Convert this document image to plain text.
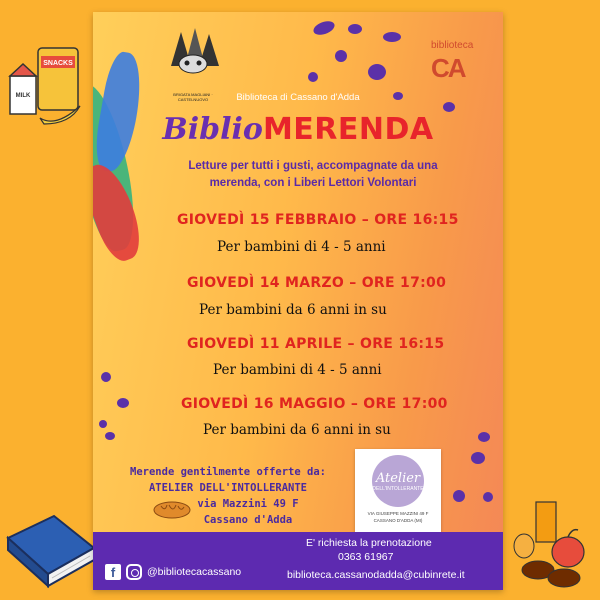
SNACKS
MILK	BRIGATA MAGLIANI · CASTELNUOVO
biblioteca
CA
Biblioteca di Cassano d'Adda
BiblioMERENDA
Letture per tutti i gusti, accompagnate da una
merenda, con i Liberi Lettori Volontari
GIOVEDÌ 15 FEBBRAIO – ORE 16:15
Per bambini di 4 - 5 anni
GIOVEDÌ 14 MARZO – ORE 17:00
Per bambini da 6 anni in su
GIOVEDÌ 11 APRILE – ORE 16:15
Per bambini di 4 - 5 anni
GIOVEDÌ 16 MAGGIO – ORE 17:00
Per bambini da 6 anni in su
Merende gentilmente offerte da:
ATELIER DELL'INTOLLERANTE
via Mazzini 49 F
Cassano d'Adda
Atelier
DELL'INTOLLERANTE
VIA GIUSEPPE MAZZINI 49 F
CASSANO D'ADDA (MI)
f	@bibliotecacassano
E' richiesta la prenotazione
0363 61967
biblioteca.cassanodadda@cubinrete.it
